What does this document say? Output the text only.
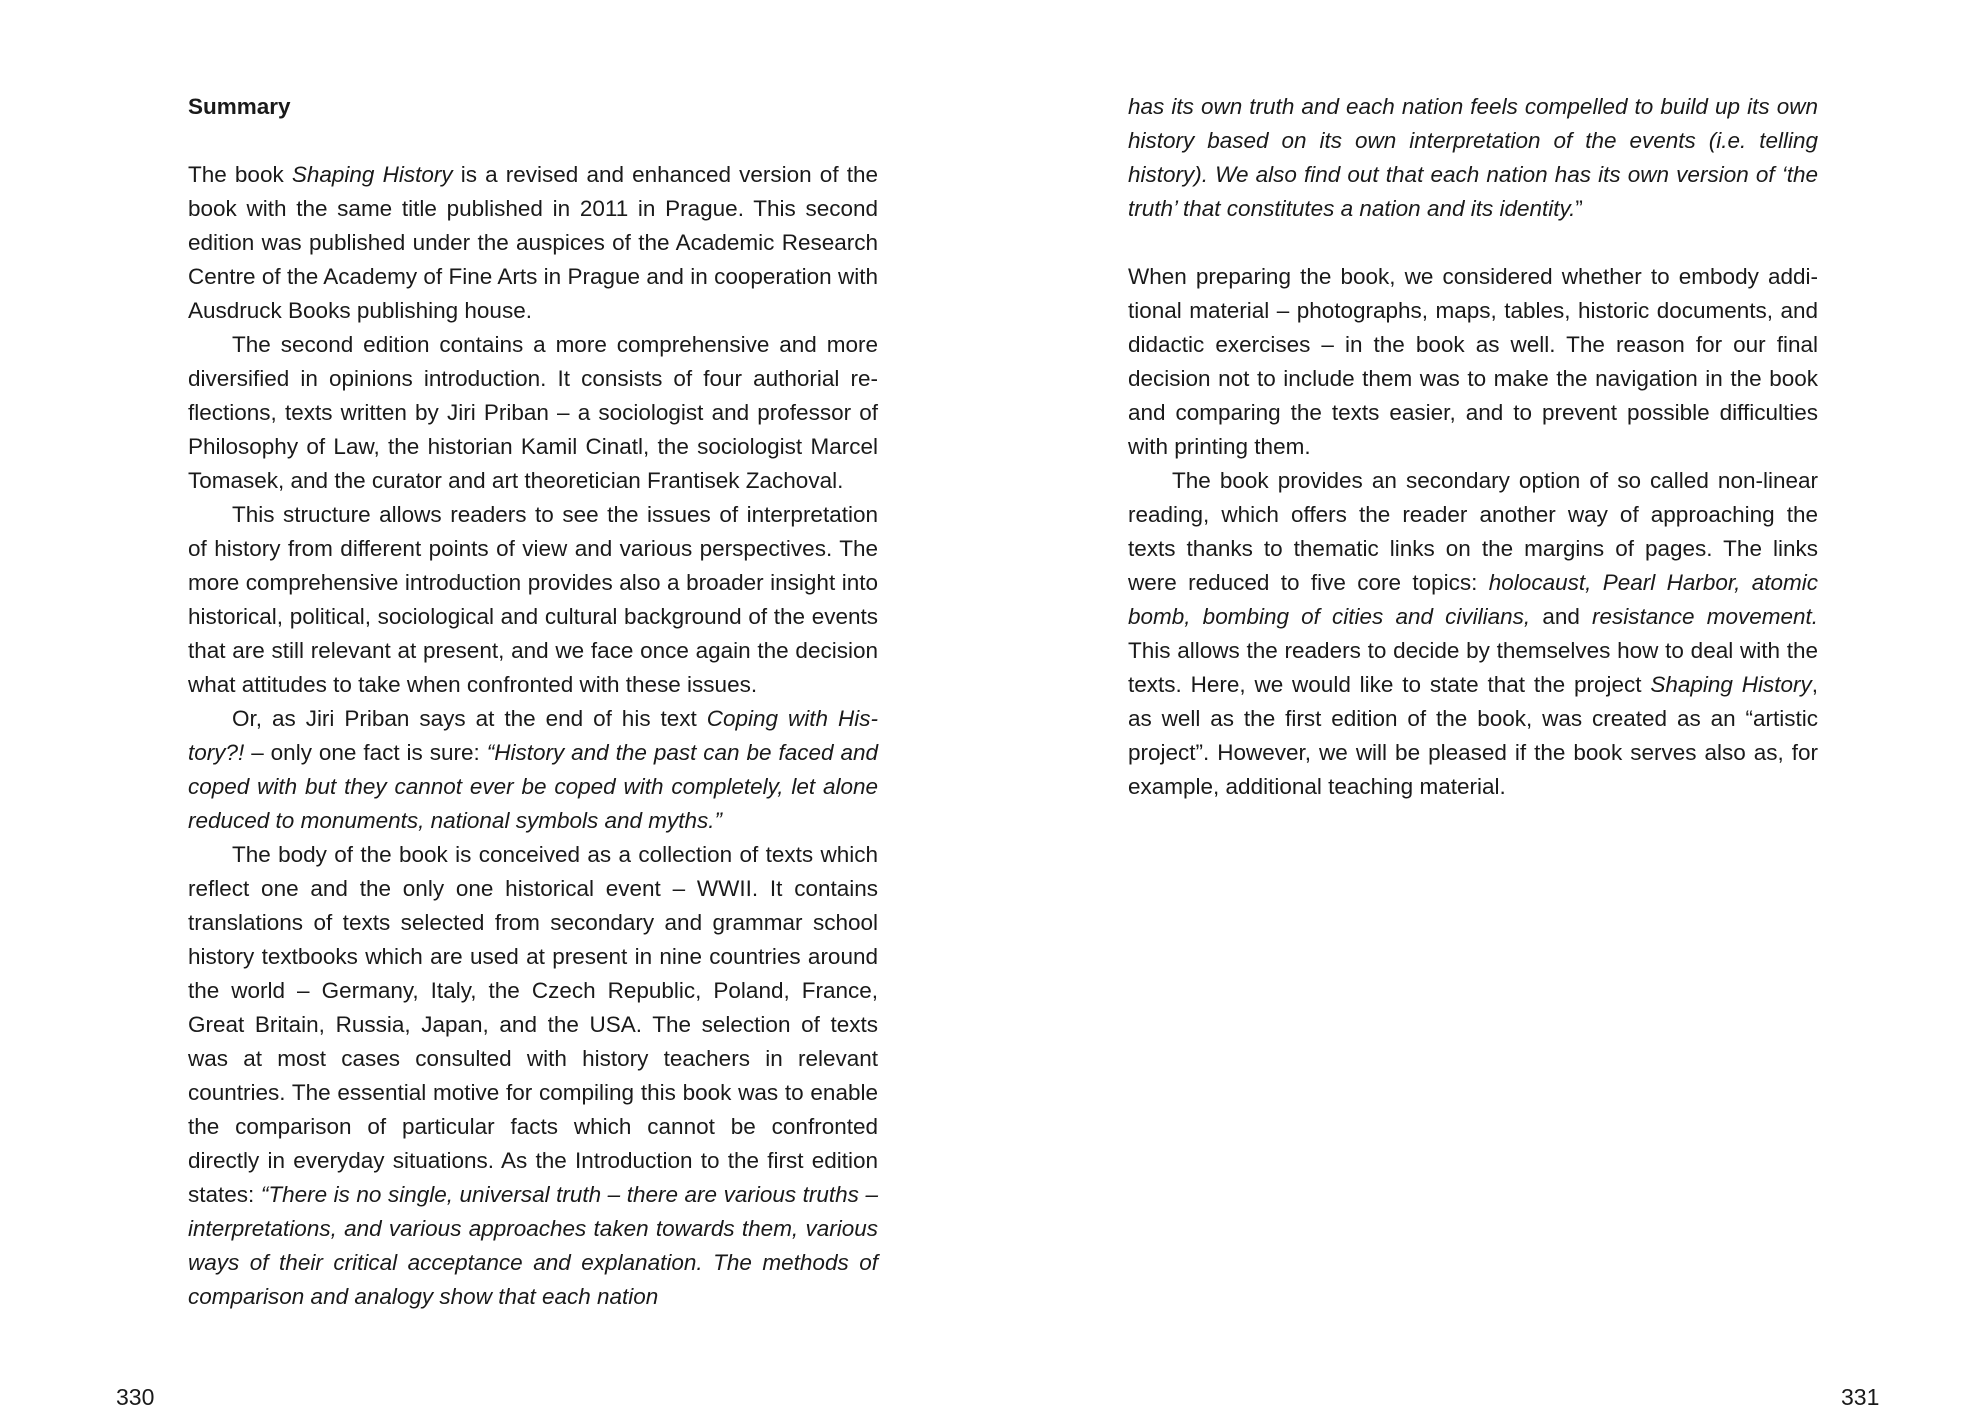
Summary

The book Shaping History is a revised and enhanced version of the book with the same title published in 2011 in Prague. This second edition was published under the auspices of the Academic Research Centre of the Academy of Fine Arts in Prague and in cooperation with Ausdruck Books publishing house.

The second edition contains a more comprehensive and more diversified in opinions introduction. It consists of four authorial reflections, texts written by Jiri Priban – a sociologist and professor of Philosophy of Law, the historian Kamil Cinatl, the sociologist Marcel Tomasek, and the curator and art theoretician Frantisek Zachoval.

This structure allows readers to see the issues of interpretation of history from different points of view and various perspectives. The more comprehensive introduction provides also a broader insight into historical, political, sociological and cultural background of the events that are still relevant at present, and we face once again the decision what attitudes to take when confronted with these issues.

Or, as Jiri Priban says at the end of his text Coping with History?! – only one fact is sure: “History and the past can be faced and coped with but they cannot ever be coped with completely, let alone reduced to monuments, national symbols and myths.”

The body of the book is conceived as a collection of texts which reflect one and the only one historical event – WWII. It contains translations of texts selected from secondary and grammar school history textbooks which are used at present in nine countries around the world – Germany, Italy, the Czech Republic, Poland, France, Great Britain, Russia, Japan, and the USA. The selection of texts was at most cases consulted with history teachers in relevant countries. The essential motive for compiling this book was to enable the comparison of particular facts which cannot be confronted directly in everyday situations. As the Introduction to the first edition states: “There is no single, universal truth – there are various truths – interpretations, and various approaches taken towards them, various ways of their critical acceptance and explanation. The methods of comparison and analogy show that each nation

330

has its own truth and each nation feels compelled to build up its own history based on its own interpretation of the events (i.e. telling history). We also find out that each nation has its own version of ‘the truth’ that constitutes a nation and its identity.”

When preparing the book, we considered whether to embody additional material – photographs, maps, tables, historic documents, and didactic exercises – in the book as well. The reason for our final decision not to include them was to make the navigation in the book and comparing the texts easier, and to prevent possible difficulties with printing them.

The book provides an secondary option of so called non-linear reading, which offers the reader another way of approaching the texts thanks to thematic links on the margins of pages. The links were reduced to five core topics: holocaust, Pearl Harbor, atomic bomb, bombing of cities and civilians, and resistance movement. This allows the readers to decide by themselves how to deal with the texts. Here, we would like to state that the project Shaping History, as well as the first edition of the book, was created as an “artistic project”. However, we will be pleased if the book serves also as, for example, additional teaching material.

331
